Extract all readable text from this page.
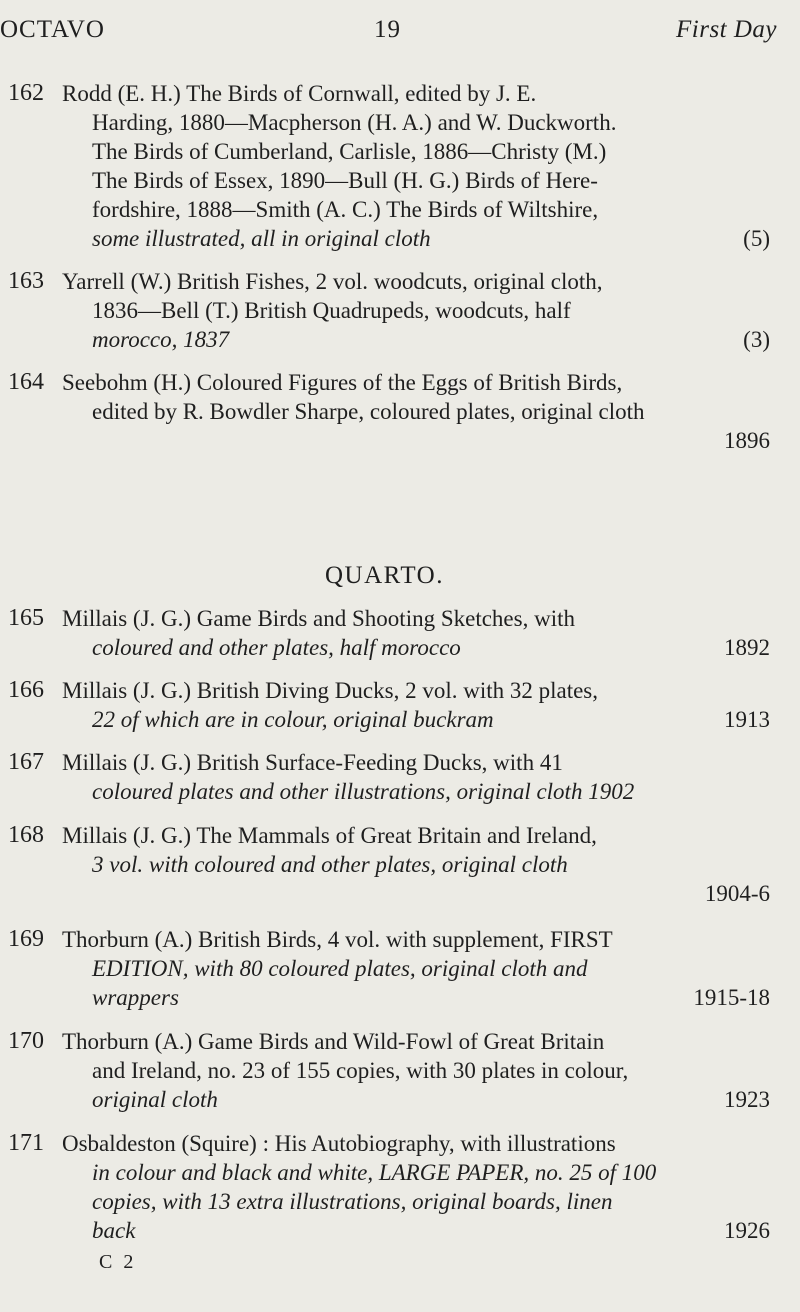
OCTAVO	19	First Day
162 Rodd (E. H.) The Birds of Cornwall, edited by J. E.
Harding, 1880—Macpherson (H. A.) and W. Duckworth.
The Birds of Cumberland, Carlisle, 1886—Christy (M.)
The Birds of Essex, 1890—Bull (H. G.) Birds of Here-
fordshire, 1888—Smith (A. C.) The Birds of Wiltshire,
some illustrated, all in original cloth	(5)
163 Yarrell (W.) British Fishes, 2 vol. woodcuts, original cloth,
1836—Bell (T.) British Quadrupeds, woodcuts, half
morocco, 1837	(3)
164 Seebohm (H.) Coloured Figures of the Eggs of British Birds,
edited by R. Bowdler Sharpe, coloured plates, original cloth
1896
QUARTO.
165 Millais (J. G.) Game Birds and Shooting Sketches, with
coloured and other plates, half morocco	1892
166 Millais (J. G.) British Diving Ducks, 2 vol. with 32 plates,
22 of which are in colour, original buckram	1913
167 Millais (J. G.) British Surface-Feeding Ducks, with 41
coloured plates and other illustrations, original cloth 1902
168 Millais (J. G.) The Mammals of Great Britain and Ireland,
3 vol. with coloured and other plates, original cloth
1904-6
169 Thorburn (A.) British Birds, 4 vol. with supplement, FIRST
EDITION, with 80 coloured plates, original cloth and
wrappers	1915-18
170 Thorburn (A.) Game Birds and Wild-Fowl of Great Britain
and Ireland, no. 23 of 155 copies, with 30 plates in colour,
original cloth	1923
171 Osbaldeston (Squire) : His Autobiography, with illustrations
in colour and black and white, LARGE PAPER, no. 25 of 100
copies, with 13 extra illustrations, original boards, linen
back	1926
C 2
